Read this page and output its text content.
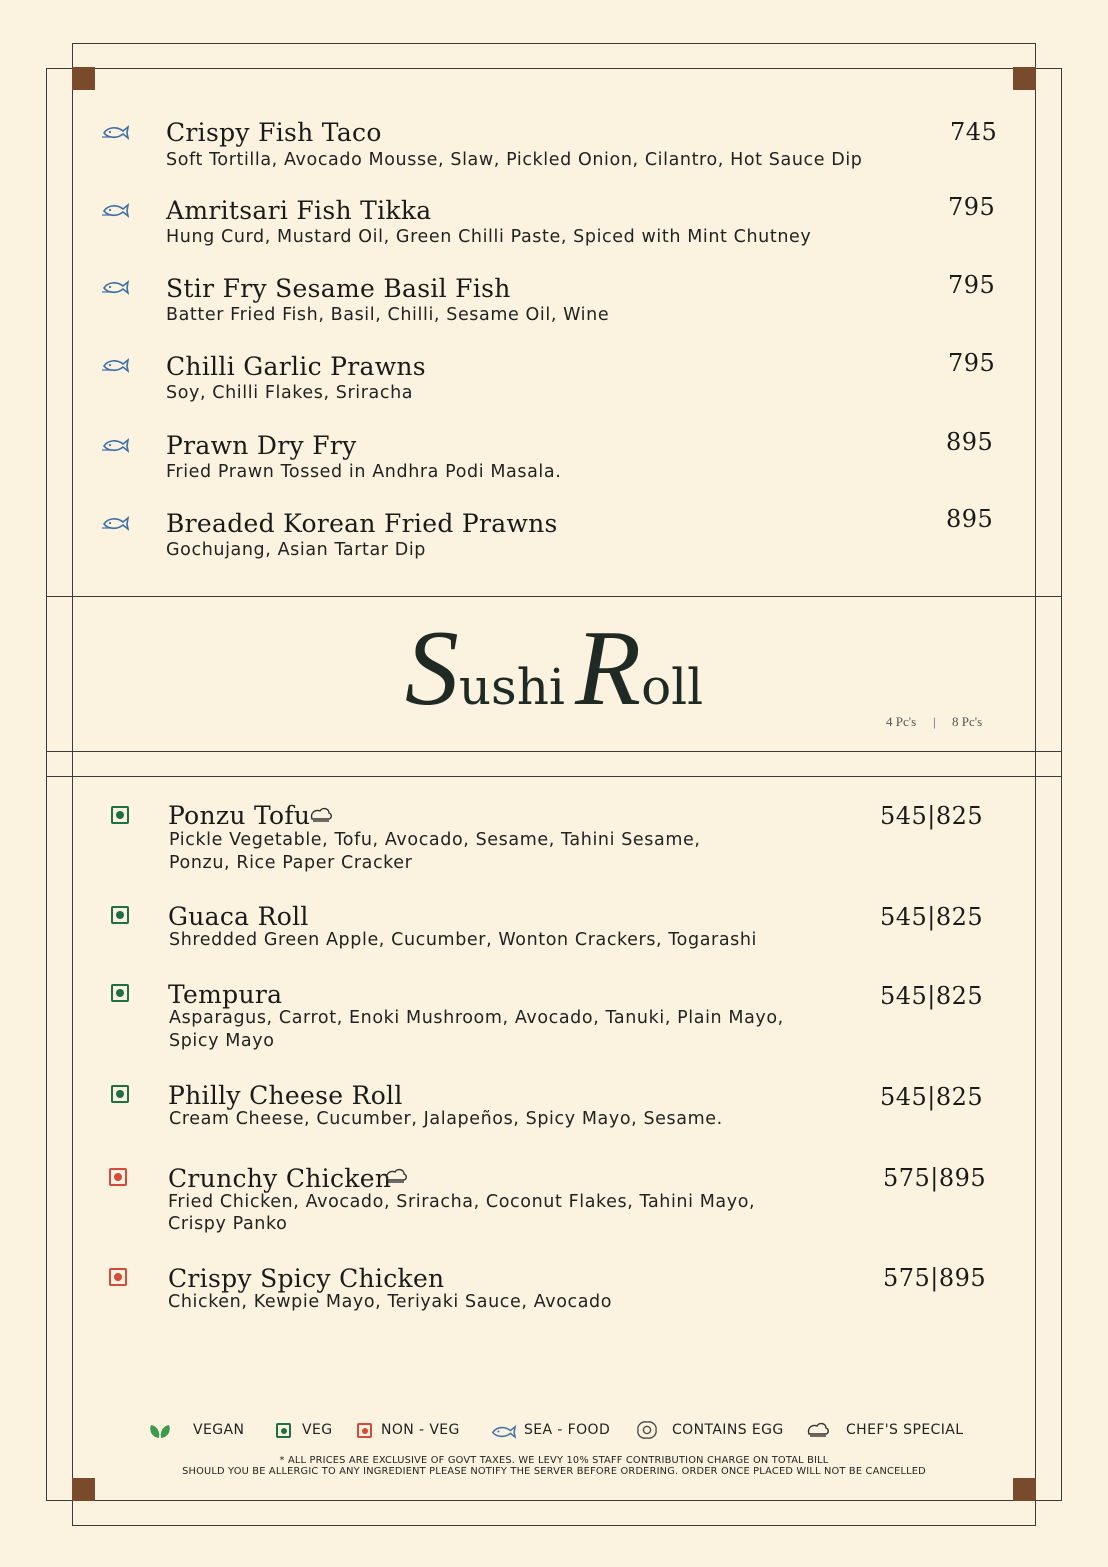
Crispy Fish Taco
Soft Tortilla, Avocado Mousse, Slaw, Pickled Onion, Cilantro, Hot Sauce Dip
745
Amritsari Fish Tikka
Hung Curd, Mustard Oil, Green Chilli Paste, Spiced with Mint Chutney
795
Stir Fry Sesame Basil Fish
Batter Fried Fish, Basil, Chilli, Sesame Oil, Wine
795
Chilli Garlic Prawns
Soy, Chilli Flakes, Sriracha
795
Prawn Dry Fry
Fried Prawn Tossed in Andhra Podi Masala.
895
Breaded Korean Fried Prawns
Gochujang, Asian Tartar Dip
895
Sushi  Roll
4 Pc's | 8 Pc's
Ponzu Tofu
Pickle Vegetable, Tofu, Avocado, Sesame, Tahini Sesame,
Ponzu, Rice Paper Cracker
545|825
Guaca Roll
Shredded Green Apple, Cucumber, Wonton Crackers, Togarashi
545|825
Tempura
Asparagus, Carrot, Enoki Mushroom, Avocado, Tanuki, Plain Mayo,
Spicy Mayo
545|825
Philly Cheese Roll
Cream Cheese, Cucumber, Jalapeños, Spicy Mayo, Sesame.
545|825
Crunchy Chicken
Fried Chicken, Avocado, Sriracha, Coconut Flakes, Tahini Mayo,
Crispy Panko
575|895
Crispy Spicy Chicken
Chicken, Kewpie Mayo, Teriyaki Sauce, Avocado
575|895
VEGAN	VEG	NON - VEG	SEA - FOOD	CONTAINS EGG	CHEF'S SPECIAL
* ALL PRICES ARE EXCLUSIVE OF GOVT TAXES. WE LEVY 10% STAFF CONTRIBUTION CHARGE ON TOTAL BILL
SHOULD YOU BE ALLERGIC TO ANY INGREDIENT PLEASE NOTIFY THE SERVER BEFORE ORDERING. ORDER ONCE PLACED WILL NOT BE CANCELLED
